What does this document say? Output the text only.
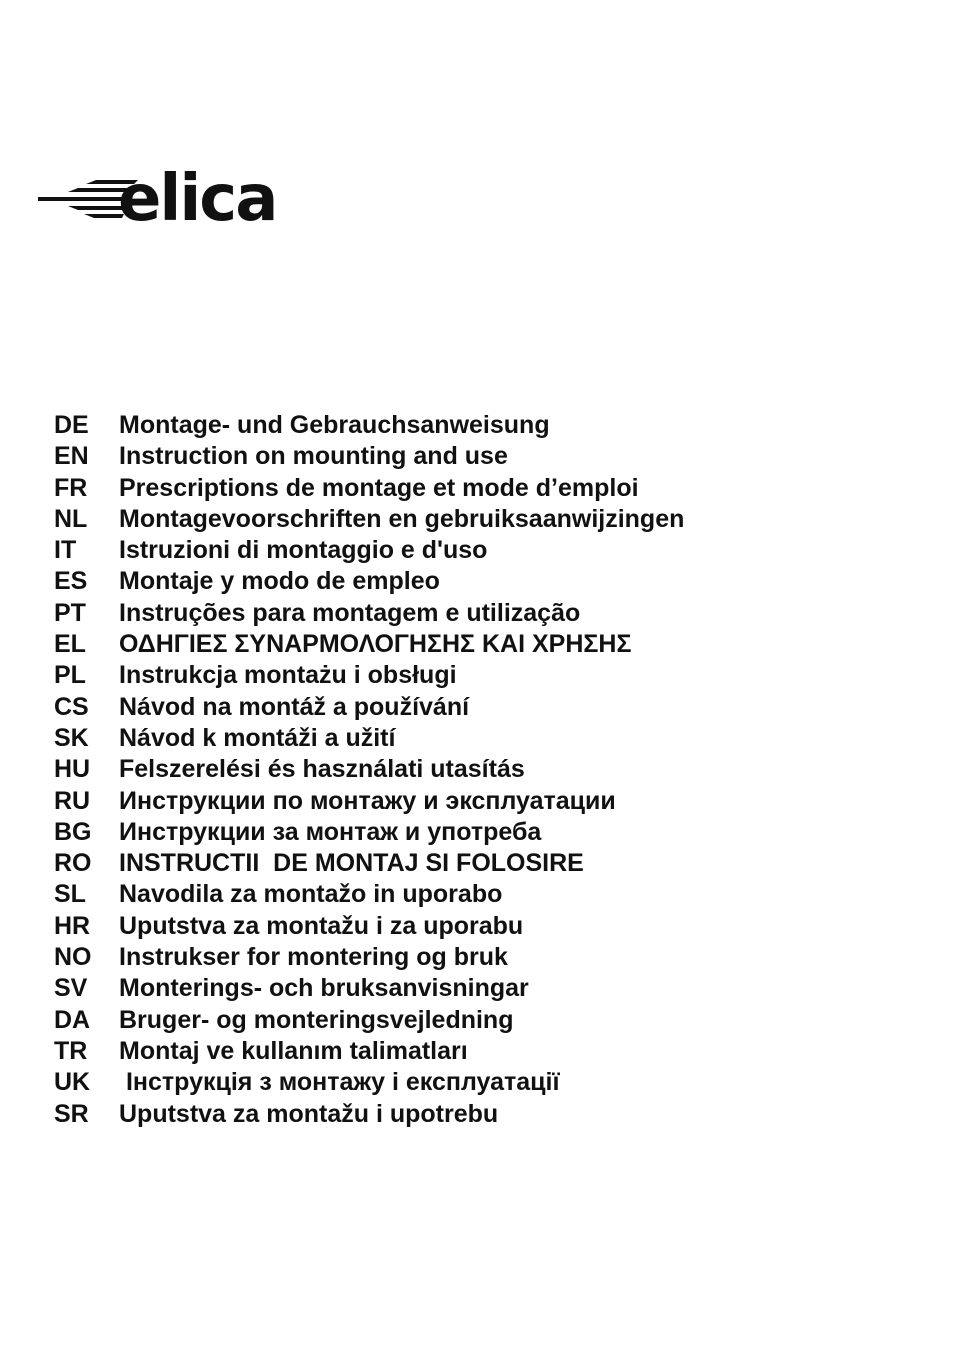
elica
DE	Montage- und Gebrauchsanweisung
EN	Instruction on mounting and use
FR	Prescriptions de montage et mode d’emploi
NL	Montagevoorschriften en gebruiksaanwijzingen
IT	Istruzioni di montaggio e d'uso
ES	Montaje y modo de empleo
PT	Instruções para montagem e utilização
EL	ΟΔΗΓΙΕΣ ΣΥΝΑΡΜΟΛΟΓΗΣΗΣ ΚΑΙ ΧΡΗΣΗΣ
PL	Instrukcja montażu i obsługi
CS	Návod na montáž a používání
SK	Návod k montáži a užití
HU	Felszerelési és használati utasítás
RU	Инструкции по монтажу и эксплуатации
BG	Инструкции за монтаж и употреба
RO	INSTRUCTII  DE MONTAJ SI FOLOSIRE
SL	Navodila za montažo in uporabo
HR	Uputstva za montažu i za uporabu
NO	Instrukser for montering og bruk
SV	Monterings- och bruksanvisningar
DA	Bruger- og monteringsvejledning
TR	Montaj ve kullanım talimatları
UK	Інструкція з монтажу і експлуатації
SR	Uputstva za montažu i upotrebu
